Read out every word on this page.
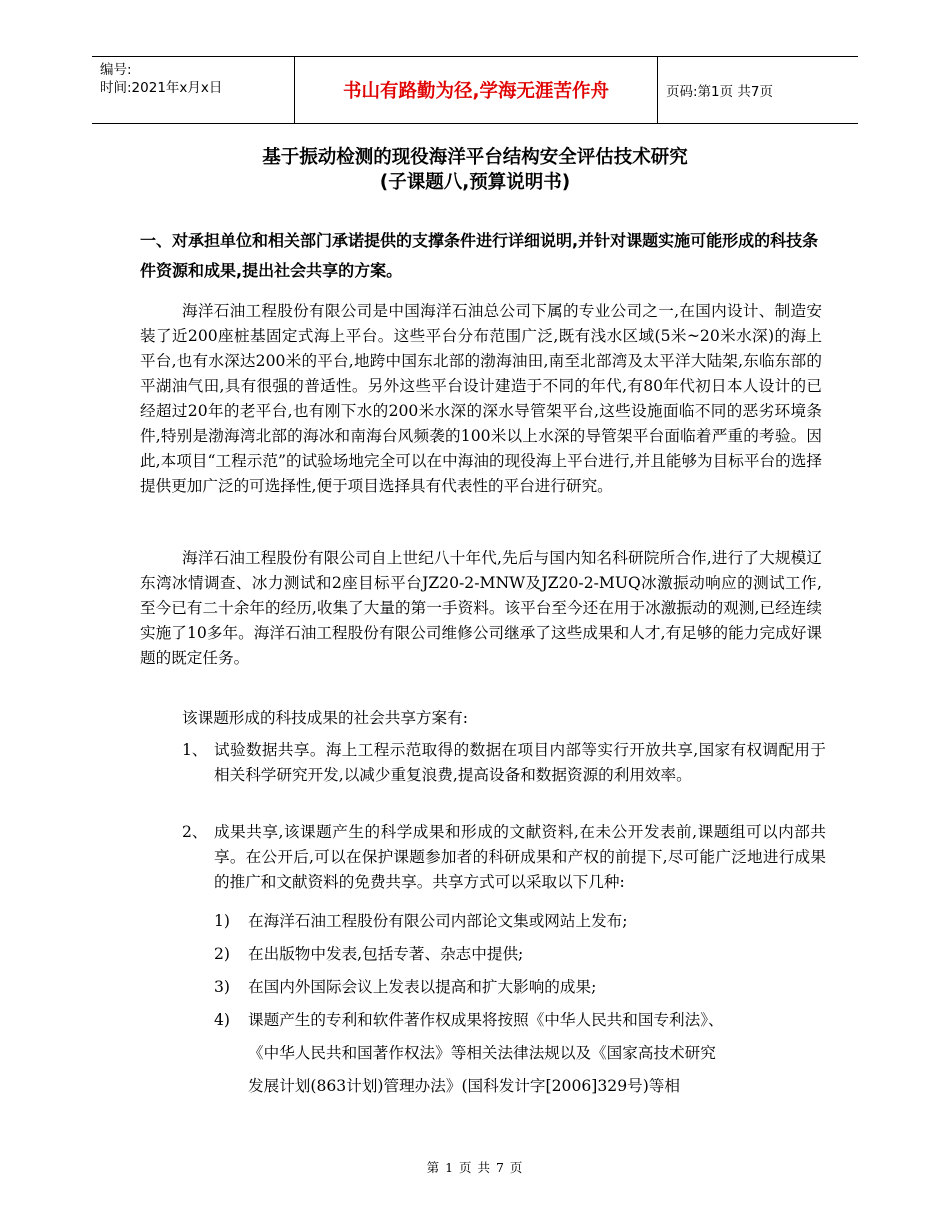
编号:
时间:2021年x月x日	书山有路勤为径,学海无涯苦作舟	页码:第1页 共7页
基于振动检测的现役海洋平台结构安全评估技术研究
(子课题八,预算说明书)
一、对承担单位和相关部门承诺提供的支撑条件进行详细说明,并针对课题实施可能形成的科技条件资源和成果,提出社会共享的方案。
海洋石油工程股份有限公司是中国海洋石油总公司下属的专业公司之一,在国内设计、制造安装了近200座桩基固定式海上平台。这些平台分布范围广泛,既有浅水区域(5米~20米水深)的海上平台,也有水深达200米的平台,地跨中国东北部的渤海油田,南至北部湾及太平洋大陆架,东临东部的平湖油气田,具有很强的普适性。另外这些平台设计建造于不同的年代,有80年代初日本人设计的已经超过20年的老平台,也有刚下水的200米水深的深水导管架平台,这些设施面临不同的恶劣环境条件,特别是渤海湾北部的海冰和南海台风频袭的100米以上水深的导管架平台面临着严重的考验。因此,本项目“工程示范”的试验场地完全可以在中海油的现役海上平台进行,并且能够为目标平台的选择提供更加广泛的可选择性,便于项目选择具有代表性的平台进行研究。
海洋石油工程股份有限公司自上世纪八十年代,先后与国内知名科研院所合作,进行了大规模辽东湾冰情调查、冰力测试和2座目标平台JZ20-2-MNW及JZ20-2-MUQ冰激振动响应的测试工作,至今已有二十余年的经历,收集了大量的第一手资料。该平台至今还在用于冰激振动的观测,已经连续实施了10多年。海洋石油工程股份有限公司维修公司继承了这些成果和人才,有足够的能力完成好课题的既定任务。
该课题形成的科技成果的社会共享方案有:
1、 试验数据共享。海上工程示范取得的数据在项目内部等实行开放共享,国家有权调配用于相关科学研究开发,以减少重复浪费,提高设备和数据资源的利用效率。
2、 成果共享,该课题产生的科学成果和形成的文献资料,在未公开发表前,课题组可以内部共享。在公开后,可以在保护课题参加者的科研成果和产权的前提下,尽可能广泛地进行成果的推广和文献资料的免费共享。共享方式可以采取以下几种:
1) 在海洋石油工程股份有限公司内部论文集或网站上发布;
2) 在出版物中发表,包括专著、杂志中提供;
3) 在国内外国际会议上发表以提高和扩大影响的成果;
4) 课题产生的专利和软件著作权成果将按照《中华人民共和国专利法》、
《中华人民共和国著作权法》等相关法律法规以及《国家高技术研究
发展计划(863计划)管理办法》(国科发计字[2006]329号)等相
第 1 页 共 7 页
